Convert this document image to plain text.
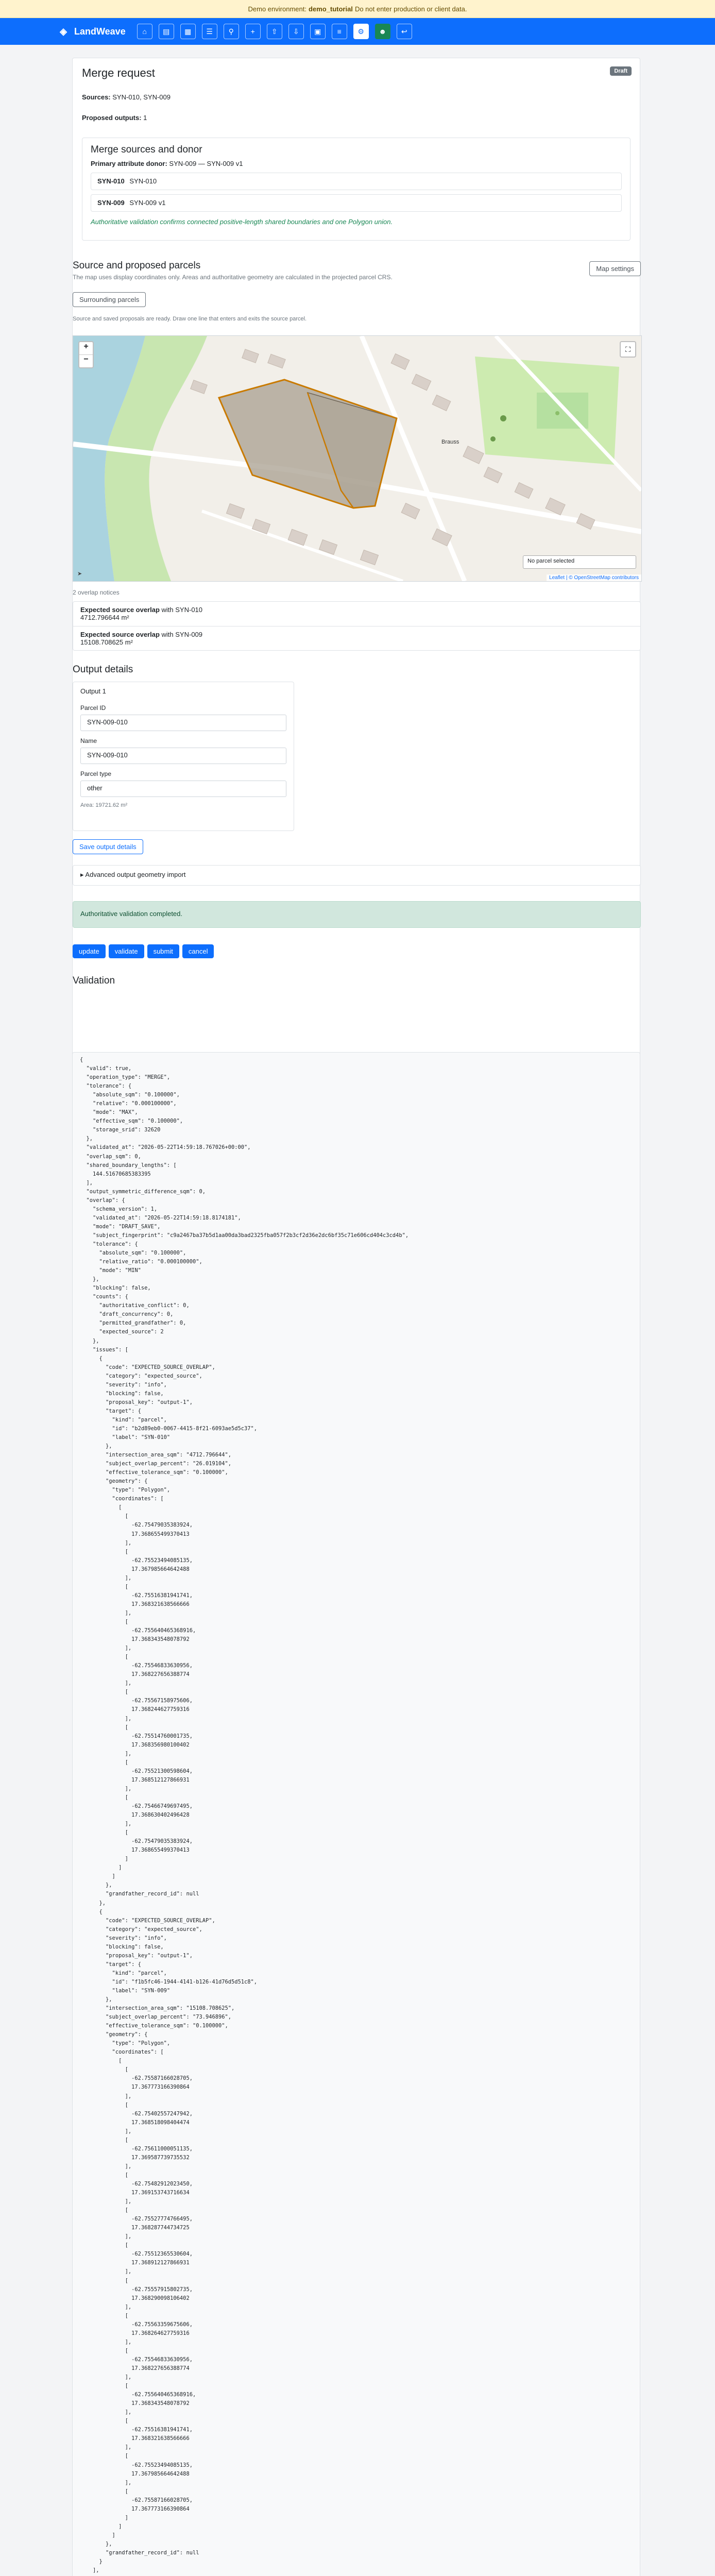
Demo environment: demo_tutorial Do not enter production or client data.
◈ LandWeave	⌂	▤	▦	☰	⚲	+	⇧	⇩	▣	≡	⚙	☻	↩
Merge request	Draft
Sources: SYN-010, SYN-009
Proposed outputs: 1
Merge sources and donor
Primary attribute donor: SYN-009 — SYN-009 v1
SYN-010 SYN-010
SYN-009 SYN-009 v1
Authoritative validation confirms connected positive-length shared boundaries and one Polygon union.
Source and proposed parcels
The map uses display coordinates only. Areas and authoritative geometry are calculated in the projected parcel CRS.
Surrounding parcels
Map settings
Source and saved proposals are ready. Draw one line that enters and exits the source parcel.
+
−
⛶
Brauss
No parcel selected
Leaflet | © OpenStreetMap contributors
➤
2 overlap notices
Expected source overlap with SYN-010
4712.796644 m²
Expected source overlap with SYN-009
15108.708625 m²
Output details
Output 1
Parcel ID
SYN-009-010
Name
SYN-009-010
Parcel type
other
Area: 19721.62 m²
Save output details
▸ Advanced output geometry import
Authoritative validation completed.
update	validate	submit	cancel
Validation
{
"valid": true,
"operation_type": "MERGE",
"tolerance": {
"absolute_sqm": "0.100000",
"relative": "0.000100000",
"mode": "MAX",
"effective_sqm": "0.100000",
"storage_srid": 32620
},
"validated_at": "2026-05-22T14:59:18.767026+00:00",
"overlap_sqm": 0,
"shared_boundary_lengths": [
144.51670685383395
],
"output_symmetric_difference_sqm": 0,
"overlap": {
"schema_version": 1,
"validated_at": "2026-05-22T14:59:18.8174181",
"mode": "DRAFT_SAVE",
"subject_fingerprint": "c9a2467ba37b5d1aa00da3bad2325fba057f2b3cf2d36e2dc6bf35c71e606cd404c3cd4b",
"tolerance": {
"absolute_sqm": "0.100000",
"relative_ratio": "0.000100000",
"mode": "MIN"
},
"blocking": false,
"counts": {
"authoritative_conflict": 0,
"draft_concurrency": 0,
"permitted_grandfather": 0,
"expected_source": 2
},
"issues": [
{
"code": "EXPECTED_SOURCE_OVERLAP",
"category": "expected_source",
"severity": "info",
"blocking": false,
"proposal_key": "output-1",
"target": {
"kind": "parcel",
"id": "b2d89eb0-0067-4415-8f21-6093ae5d5c37",
"label": "SYN-010"
},
"intersection_area_sqm": "4712.796644",
"subject_overlap_percent": "26.019104",
"effective_tolerance_sqm": "0.100000",
"geometry": {
"type": "Polygon",
"coordinates": [
[
[
-62.75479035383924,
17.368655499370413
],
[
-62.75523494085135,
17.367985664642488
],
[
-62.75516381941741,
17.368321638566666
],
[
-62.755640465368916,
17.368343548078792
],
[
-62.75546833630956,
17.368227656388774
],
[
-62.75567158975606,
17.368244627759316
],
[
-62.75514760001735,
17.368356980100402
],
[
-62.75521300598604,
17.368512127866931
],
[
-62.75466749697495,
17.368630402496428
],
[
-62.75479035383924,
17.368655499370413
]
]
]
},
"grandfather_record_id": null
},
{
"code": "EXPECTED_SOURCE_OVERLAP",
"category": "expected_source",
"severity": "info",
"blocking": false,
"proposal_key": "output-1",
"target": {
"kind": "parcel",
"id": "f1b5fc46-1944-4141-b126-41d76d5d51c8",
"label": "SYN-009"
},
"intersection_area_sqm": "15108.708625",
"subject_overlap_percent": "73.946896",
"effective_tolerance_sqm": "0.100000",
"geometry": {
"type": "Polygon",
"coordinates": [
[
[
-62.75587166028705,
17.367773166390864
],
[
-62.75402557247942,
17.368518098404474
],
[
-62.75611000051135,
17.369587739735532
],
[
-62.75482912023450,
17.369153743716634
],
[
-62.75527774766495,
17.368287744734725
],
[
-62.75512365530604,
17.368912127866931
],
[
-62.75557915802735,
17.368290098106402
],
[
-62.75563359675606,
17.368264627759316
],
[
-62.75546833630956,
17.368227656388774
],
[
-62.755640465368916,
17.368343548078792
],
[
-62.75516381941741,
17.368321638566666
],
[
-62.75523494085135,
17.367985664642488
],
[
-62.75587166028705,
17.367773166390864
]
]
]
},
"grandfather_record_id": null
}
],
